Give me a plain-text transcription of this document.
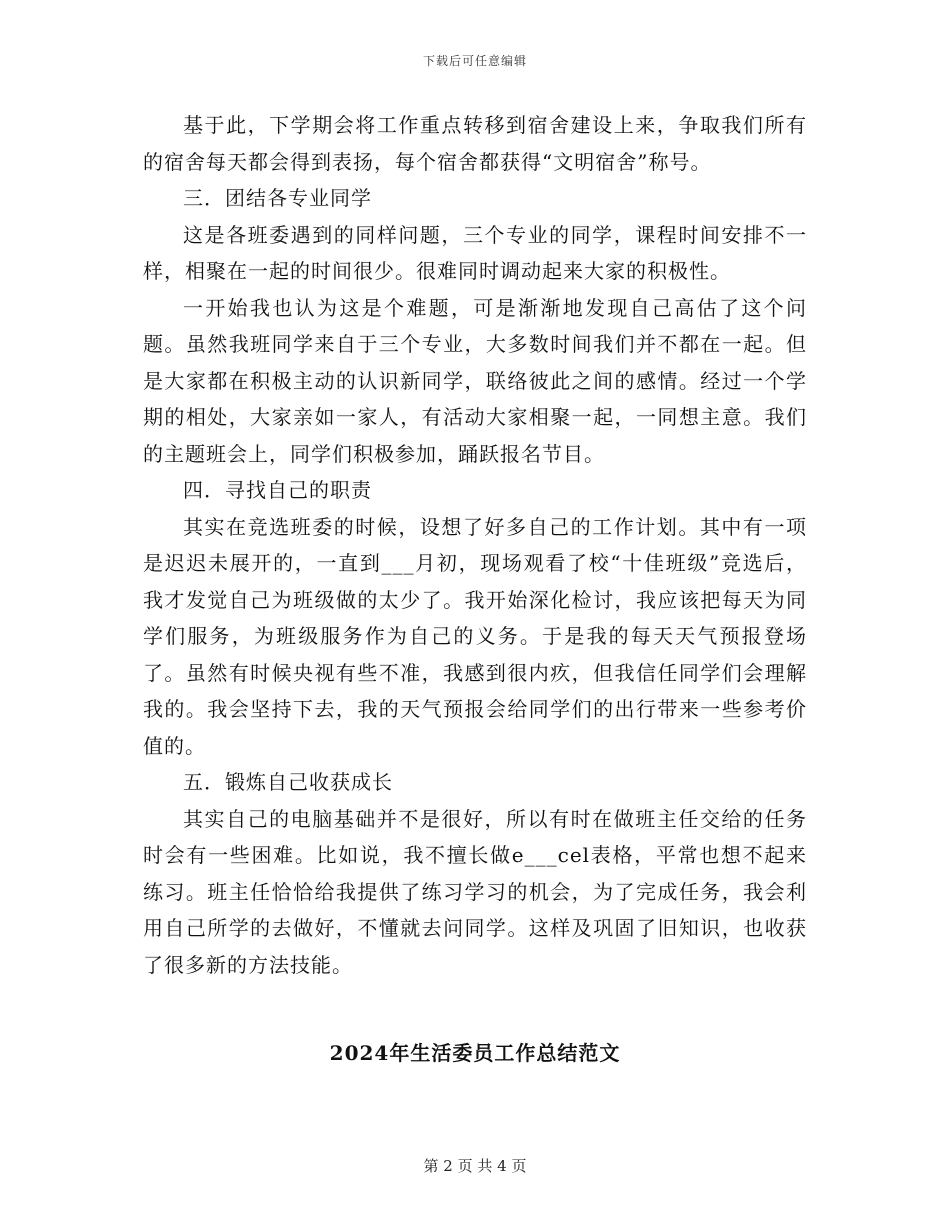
下载后可任意编辑

基于此，下学期会将工作重点转移到宿舍建设上来，争取我们所有的宿舍每天都会得到表扬，每个宿舍都获得“文明宿舍”称号。

三．团结各专业同学

这是各班委遇到的同样问题，三个专业的同学，课程时间安排不一样，相聚在一起的时间很少。很难同时调动起来大家的积极性。

一开始我也认为这是个难题，可是渐渐地发现自己高估了这个问题。虽然我班同学来自于三个专业，大多数时间我们并不都在一起。但是大家都在积极主动的认识新同学，联络彼此之间的感情。经过一个学期的相处，大家亲如一家人，有活动大家相聚一起，一同想主意。我们的主题班会上，同学们积极参加，踊跃报名节目。

四．寻找自己的职责

其实在竞选班委的时候，设想了好多自己的工作计划。其中有一项是迟迟未展开的，一直到___月初，现场观看了校“十佳班级”竞选后，我才发觉自己为班级做的太少了。我开始深化检讨，我应该把每天为同学们服务，为班级服务作为自己的义务。于是我的每天天气预报登场了。虽然有时候央视有些不准，我感到很内疚，但我信任同学们会理解我的。我会坚持下去，我的天气预报会给同学们的出行带来一些参考价值的。

五．锻炼自己收获成长

其实自己的电脑基础并不是很好，所以有时在做班主任交给的任务时会有一些困难。比如说，我不擅长做e___cel表格，平常也想不起来练习。班主任恰恰给我提供了练习学习的机会，为了完成任务，我会利用自己所学的去做好，不懂就去问同学。这样及巩固了旧知识，也收获了很多新的方法技能。

2024年生活委员工作总结范文
第 2 页 共 4 页
